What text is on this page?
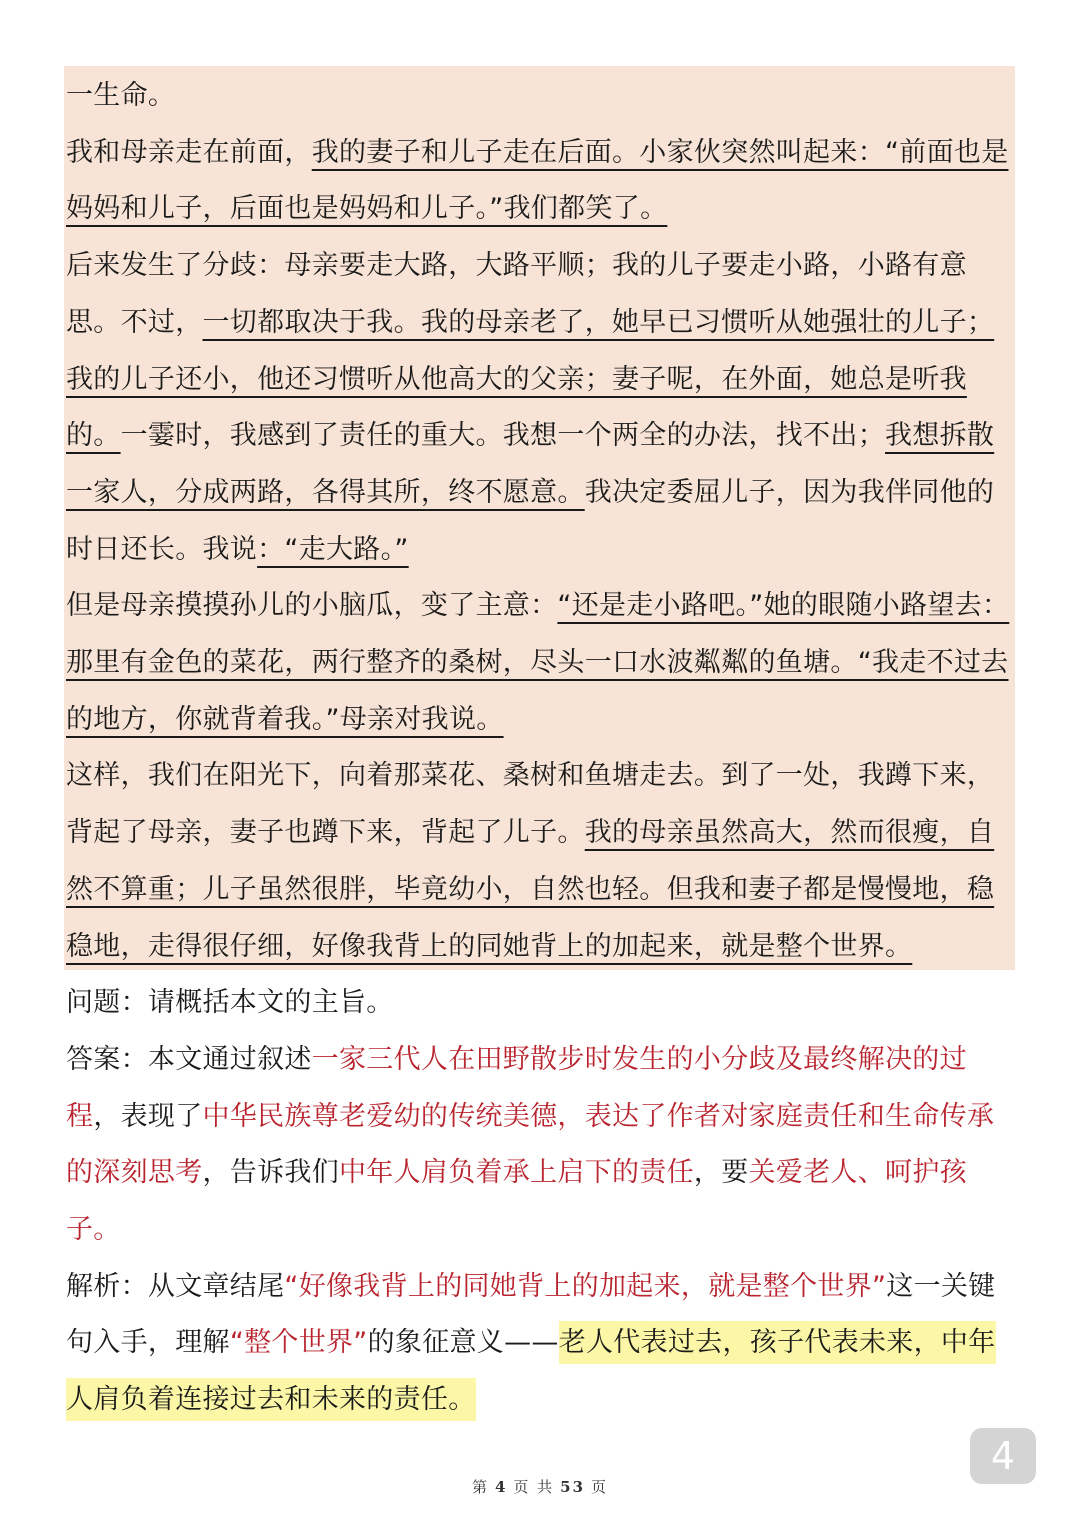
一生命。

我和母亲走在前面，我的妻子和儿子走在后面。小家伙突然叫起来：“前面也是妈妈和儿子，后面也是妈妈和儿子。”我们都笑了。

后来发生了分歧：母亲要走大路，大路平顺；我的儿子要走小路，小路有意思。不过，一切都取决于我。我的母亲老了，她早已习惯听从她强壮的儿子；我的儿子还小，他还习惯听从他高大的父亲；妻子呢，在外面，她总是听我的。一霎时，我感到了责任的重大。我想一个两全的办法，找不出；我想拆散一家人，分成两路，各得其所，终不愿意。我决定委屈儿子，因为我伴同他的时日还长。我说：“走大路。”

但是母亲摸摸孙儿的小脑瓜，变了主意：“还是走小路吧。”她的眼随小路望去：那里有金色的菜花，两行整齐的桑树，尽头一口水波粼粼的鱼塘。“我走不过去的地方，你就背着我。”母亲对我说。

这样，我们在阳光下，向着那菜花、桑树和鱼塘走去。到了一处，我蹲下来，背起了母亲，妻子也蹲下来，背起了儿子。我的母亲虽然高大，然而很瘦，自然不算重；儿子虽然很胖，毕竟幼小，自然也轻。但我和妻子都是慢慢地，稳稳地，走得很仔细，好像我背上的同她背上的加起来，就是整个世界。

问题：请概括本文的主旨。

答案：本文通过叙述一家三代人在田野散步时发生的小分歧及最终解决的过程，表现了中华民族尊老爱幼的传统美德，表达了作者对家庭责任和生命传承的深刻思考，告诉我们中年人肩负着承上启下的责任，要关爱老人、呵护孩子。

解析：从文章结尾“好像我背上的同她背上的加起来，就是整个世界”这一关键句入手，理解“整个世界”的象征意义——老人代表过去，孩子代表未来，中年人肩负着连接过去和未来的责任。

4
第 4 页 共 53 页
